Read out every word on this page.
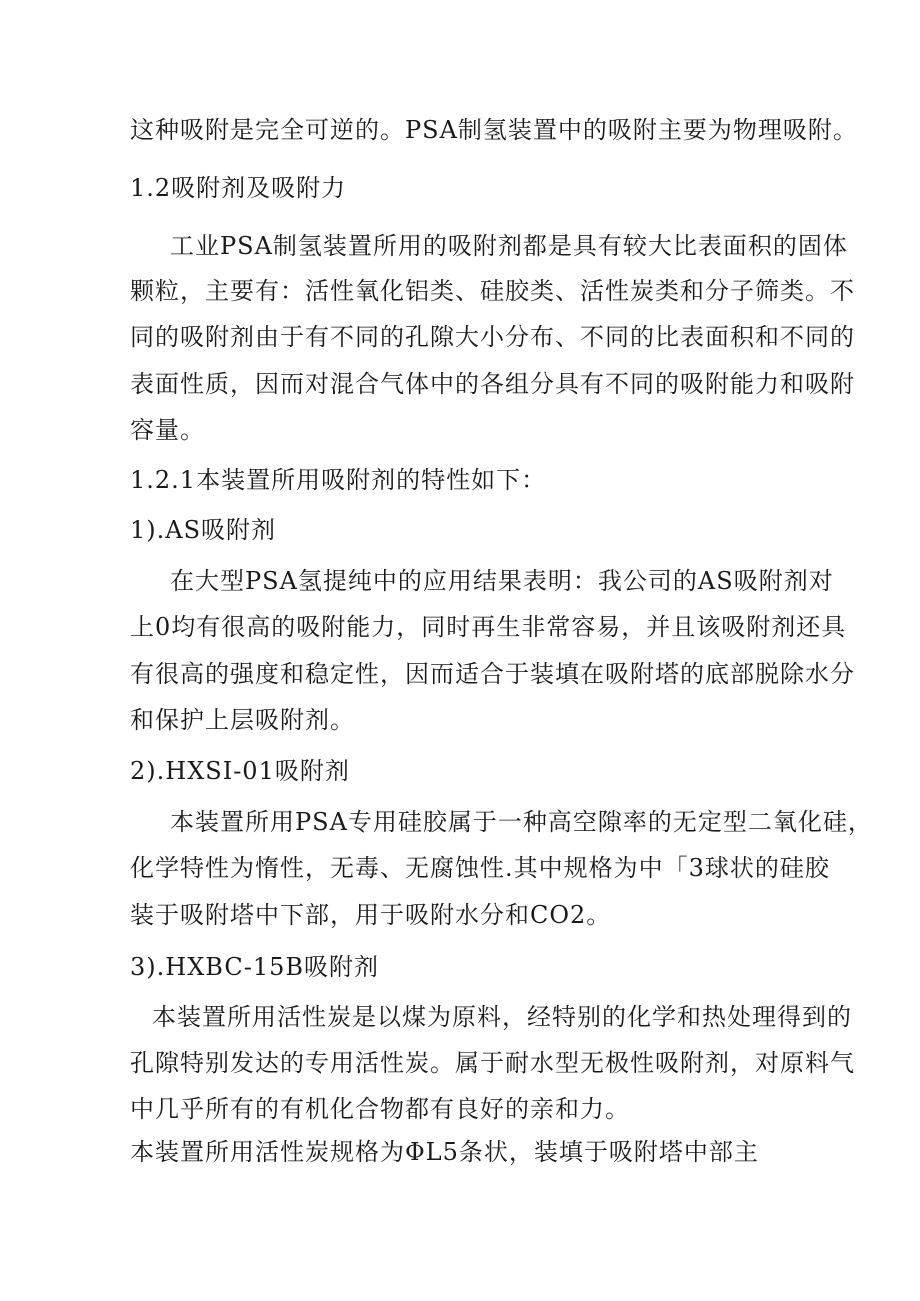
这种吸附是完全可逆的。PSA制氢装置中的吸附主要为物理吸附。
1.2吸附剂及吸附力
工业PSA制氢装置所用的吸附剂都是具有较大比表面积的固体
颗粒，主要有：活性氧化铝类、硅胶类、活性炭类和分子筛类。不
同的吸附剂由于有不同的孔隙大小分布、不同的比表面积和不同的
表面性质，因而对混合气体中的各组分具有不同的吸附能力和吸附
容量。
1.2.1本装置所用吸附剂的特性如下：
1).AS吸附剂
在大型PSA氢提纯中的应用结果表明：我公司的AS吸附剂对
上0均有很高的吸附能力，同时再生非常容易，并且该吸附剂还具
有很高的强度和稳定性，因而适合于装填在吸附塔的底部脱除水分
和保护上层吸附剂。
2).HXSI-01吸附剂
本装置所用PSA专用硅胶属于一种高空隙率的无定型二氧化硅，
化学特性为惰性，无毒、无腐蚀性.其中规格为中「3球状的硅胶
装于吸附塔中下部，用于吸附水分和CO2。
3).HXBC-15B吸附剂
本装置所用活性炭是以煤为原料，经特别的化学和热处理得到的
孔隙特别发达的专用活性炭。属于耐水型无极性吸附剂，对原料气
中几乎所有的有机化合物都有良好的亲和力。
本装置所用活性炭规格为ΦL5条状，装填于吸附塔中部主
